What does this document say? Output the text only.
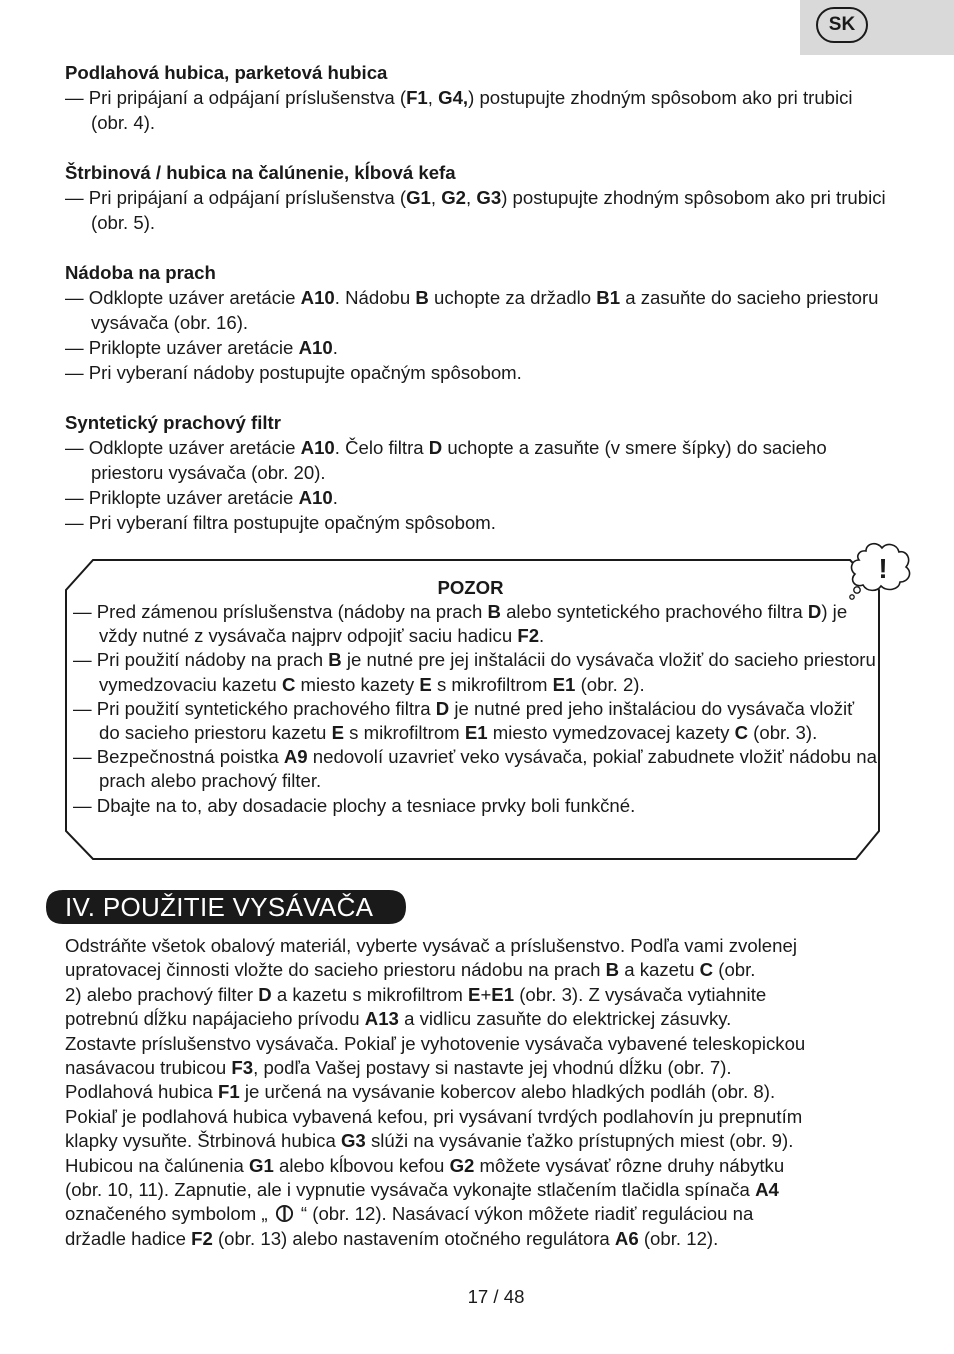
SK
Podlahová hubica, parketová hubica
— Pri pripájaní a odpájaní príslušenstva (F1, G4,) postupujte zhodným spôsobom ako pri trubici (obr. 4).
Štrbinová / hubica na čalúnenie, kĺbová kefa
— Pri pripájaní a odpájaní príslušenstva (G1, G2, G3) postupujte zhodným spôsobom ako pri trubici (obr. 5).
Nádoba na prach
— Odklopte uzáver aretácie A10. Nádobu B uchopte za držadlo B1 a zasuňte do sacieho priestoru vysávača (obr. 16).
— Priklopte uzáver aretácie A10.
— Pri vyberaní nádoby postupujte opačným spôsobom.
Syntetický prachový filtr
— Odklopte uzáver aretácie A10. Čelo filtra D uchopte a zasuňte (v smere šípky) do sacieho priestoru vysávača (obr. 20).
— Priklopte uzáver aretácie A10.
— Pri vyberaní filtra postupujte opačným spôsobom.
POZOR
— Pred zámenou príslušenstva (nádoby na prach B alebo syntetického prachového filtra D) je vždy nutné z vysávača najprv odpojiť saciu hadicu F2.
— Pri použití nádoby na prach B je nutné pre jej inštalácii do vysávača vložiť do sacieho priestoru vymedzovaciu kazetu C miesto kazety E s mikrofiltrom E1 (obr. 2).
— Pri použití syntetického prachového filtra D je nutné pred jeho inštaláciou do vysávača vložiť do sacieho priestoru kazetu E s mikrofiltrom E1 miesto vymedzovacej kazety C (obr. 3).
— Bezpečnostná poistka A9 nedovolí uzavrieť veko vysávača, pokiaľ zabudnete vložiť nádobu na prach alebo prachový filter.
— Dbajte na to, aby dosadacie plochy a tesniace prvky boli funkčné.
!
IV. POUŽITIE VYSÁVAČA
Odstráňte všetok obalový materiál, vyberte vysávač a príslušenstvo. Podľa vami zvolenej
upratovacej činnosti vložte do sacieho priestoru nádobu na prach B a kazetu C (obr.
2) alebo prachový filter D a kazetu s mikrofiltrom E+E1 (obr. 3). Z vysávača vytiahnite
potrebnú dĺžku napájacieho prívodu A13 a vidlicu zasuňte do elektrickej zásuvky.
Zostavte príslušenstvo vysávača. Pokiaľ je vyhotovenie vysávača vybavené teleskopickou
nasávacou trubicou F3, podľa Vašej postavy si nastavte jej vhodnú dĺžku (obr. 7).
Podlahová hubica F1 je určená na vysávanie kobercov alebo hladkých podláh (obr. 8).
Pokiaľ je podlahová hubica vybavená kefou, pri vysávaní tvrdých podlahovín ju prepnutím
klapky vysuňte. Štrbinová hubica G3 slúži na vysávanie ťažko prístupných miest (obr. 9).
Hubicou na čalúnenia G1 alebo kĺbovou kefou G2 môžete vysávať rôzne druhy nábytku
(obr. 10, 11). Zapnutie, ale i vypnutie vysávača vykonajte stlačením tlačidla spínača A4
označeného symbolom „  “ (obr. 12). Nasávací výkon môžete riadiť reguláciou na
držadle hadice F2 (obr. 13) alebo nastavením otočného regulátora A6 (obr. 12).
17 / 48
